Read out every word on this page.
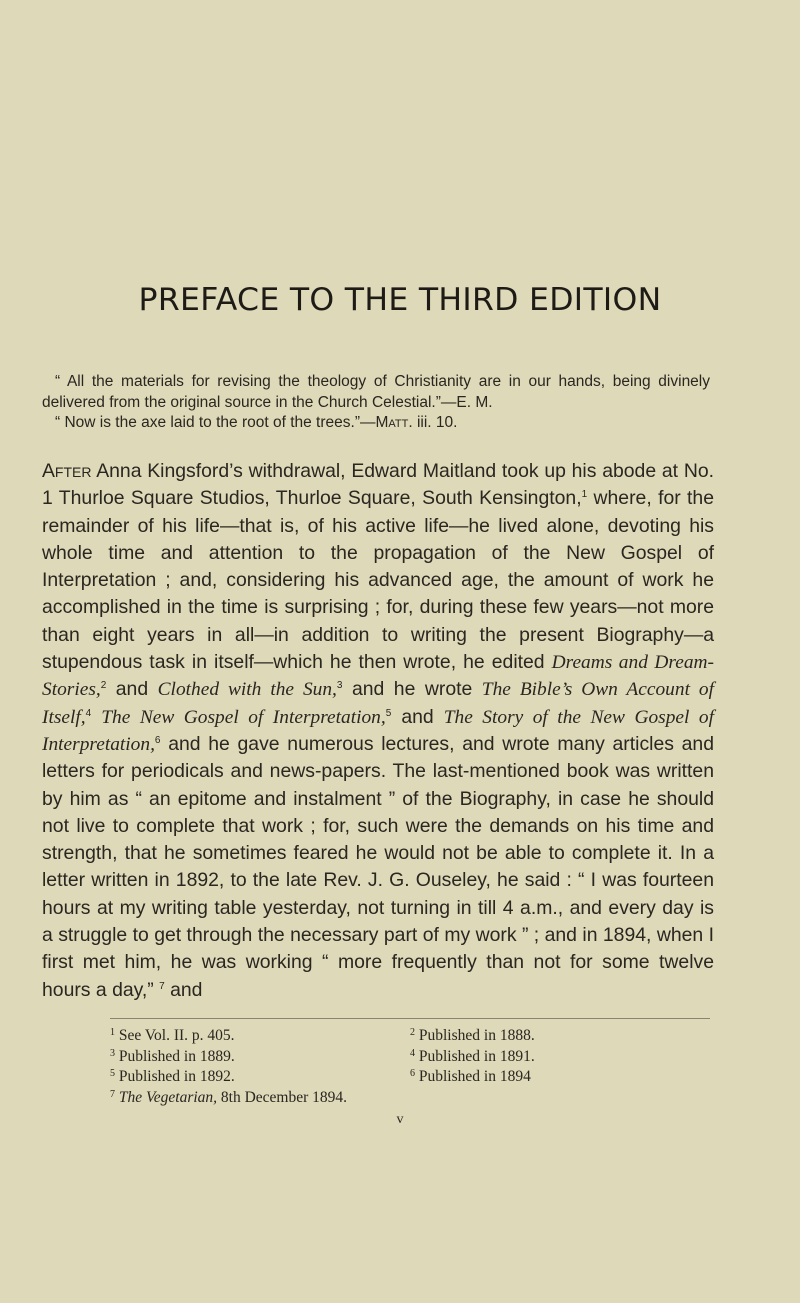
PREFACE TO THE THIRD EDITION
“ All the materials for revising the theology of Christianity are in our hands, being divinely delivered from the original source in the Church Celestial.”—E. M.
“ Now is the axe laid to the root of the trees.”—Matt. iii. 10.

After Anna Kingsford’s withdrawal, Edward Maitland took up his abode at No. 1 Thurloe Square Studios, Thurloe Square, South Kensington,$^1$ where, for the remainder of his life—that is, of his active life—he lived alone, devoting his whole time and attention to the propagation of the New Gospel of Interpretation ; and, considering his advanced age, the amount of work he accomplished in the time is surprising ; for, during these few years—not more than eight years in all—in addition to writing the present Biography—a stupendous task in itself—which he then wrote, he edited Dreams and Dream-Stories,$^2$ and Clothed with the Sun,$^3$ and he wrote The Bible’s Own Account of Itself,$^4$ The New Gospel of Interpretation,$^5$ and The Story of the New Gospel of Interpretation,$^6$ and he gave numerous lectures, and wrote many articles and letters for periodicals and news-papers. The last-mentioned book was written by him as “ an epitome and instalment ” of the Biography, in case he should not live to complete that work ; for, such were the demands on his time and strength, that he sometimes feared he would not be able to complete it. In a letter written in 1892, to the late Rev. J. G. Ouseley, he said : “ I was fourteen hours at my writing table yesterday, not turning in till 4 a.m., and every day is a struggle to get through the necessary part of my work ” ; and in 1894, when I first met him, he was working “ more frequently than not for some twelve hours a day,” $^7$ and

$^1$ See Vol. II. p. 405.	$^2$ Published in 1888.
$^3$ Published in 1889.	$^4$ Published in 1891.
$^5$ Published in 1892.	$^6$ Published in 1894
$^7$ The Vegetarian, 8th December 1894.
v
